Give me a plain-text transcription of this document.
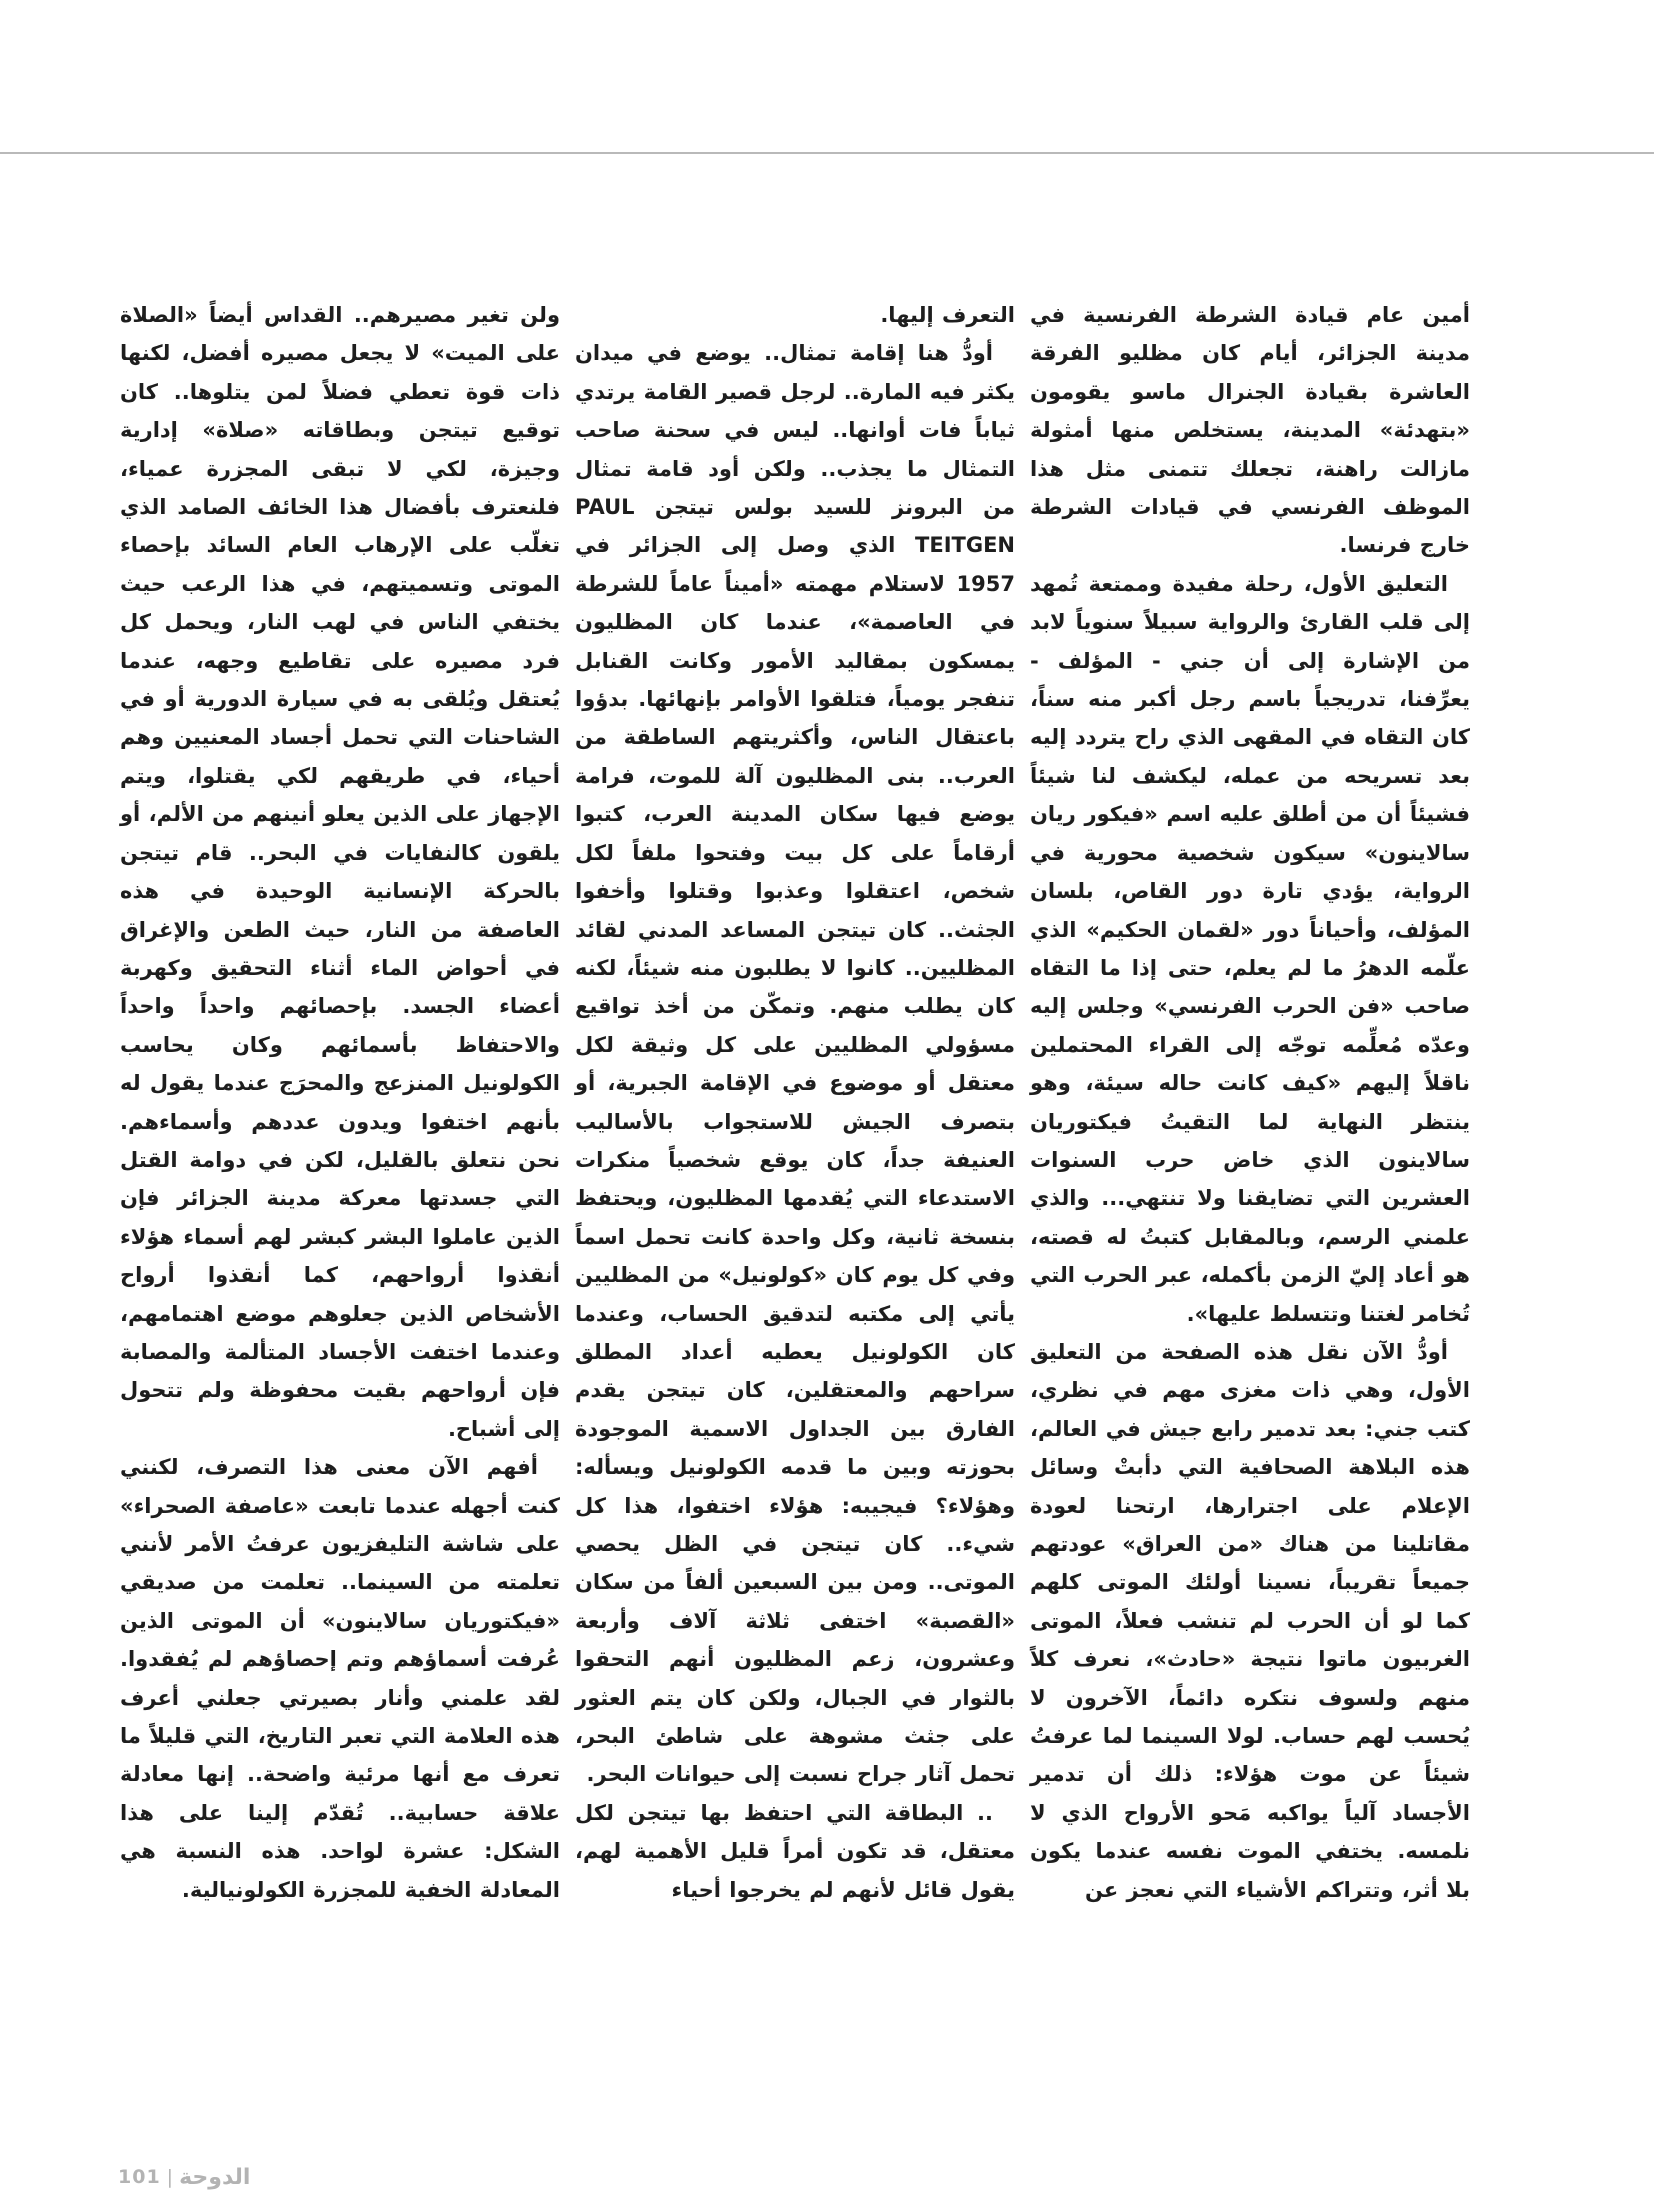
أمين عام قيادة الشرطة الفرنسية في مدينة الجزائر، أيام كان مظليو الفرقة العاشرة بقيادة الجنرال ماسو يقومون «بتهدئة» المدينة، يستخلص منها أمثولة مازالت راهنة، تجعلك تتمنى مثل هذا الموظف الفرنسي في قيادات الشرطة خارج فرنسا.

التعليق الأول، رحلة مفيدة وممتعة تُمهد إلى قلب القارئ والرواية سبيلاً سنوياً لابد من الإشارة إلى أن جني - المؤلف - يعرِّفنا، تدريجياً باسم رجل أكبر منه سناً، كان التقاه في المقهى الذي راح يتردد إليه بعد تسريحه من عمله، ليكشف لنا شيئاً فشيئاً أن من أطلق عليه اسم «فيكور ريان سالاينون» سيكون شخصية محورية في الرواية، يؤدي تارة دور القاص، بلسان المؤلف، وأحياناً دور «لقمان الحكيم» الذي علّمه الدهرُ ما لم يعلم، حتى إذا ما التقاه صاحب «فن الحرب الفرنسي» وجلس إليه وعدّه مُعلِّمه توجّه إلى القراء المحتملين ناقلاً إليهم «كيف كانت حاله سيئة، وهو ينتظر النهاية لما التقيتُ فيكتوريان سالاينون الذي خاض حرب السنوات العشرين التي تضايقنا ولا تنتهي... والذي علمني الرسم، وبالمقابل كتبتُ له قصته، هو أعاد إليّ الزمن بأكمله، عبر الحرب التي تُخامر لغتنا وتتسلط عليها».

أودُّ الآن نقل هذه الصفحة من التعليق الأول، وهي ذات مغزى مهم في نظري، كتب جني: بعد تدمير رابع جيش في العالم، هذه البلاهة الصحافية التي دأبتْ وسائل الإعلام على اجترارها، ارتحنا لعودة مقاتلينا من هناك «من العراق» عودتهم جميعاً تقريباً، نسينا أولئك الموتى كلهم كما لو أن الحرب لم تنشب فعلاً، الموتى الغربيون ماتوا نتيجة «حادث»، نعرف كلاً منهم ولسوف نتكره دائماً، الآخرون لا يُحسب لهم حساب. لولا السينما لما عرفتُ شيئاً عن موت هؤلاء: ذلك أن تدمير الأجساد آلياً يواكبه مَحو الأرواح الذي لا نلمسه. يختفي الموت نفسه عندما يكون بلا أثر، وتتراكم الأشياء التي نعجز عن

التعرف إليها.

أودُّ هنا إقامة تمثال.. يوضع في ميدان يكثر فيه المارة.. لرجل قصير القامة يرتدي ثياباً فات أوانها.. ليس في سحنة صاحب التمثال ما يجذب.. ولكن أود قامة تمثال من البرونز للسيد بولس تيتجن PAUL TEITGEN الذي وصل إلى الجزائر في 1957 لاستلام مهمته «أميناً عاماً للشرطة في العاصمة»، عندما كان المظليون يمسكون بمقاليد الأمور وكانت القنابل تنفجر يومياً، فتلقوا الأوامر بإنهائها. بدؤوا باعتقال الناس، وأكثريتهم الساطقة من العرب.. بنى المظليون آلة للموت، فرامة يوضع فيها سكان المدينة العرب، كتبوا أرقاماً على كل بيت وفتحوا ملفاً لكل شخص، اعتقلوا وعذبوا وقتلوا وأخفوا الجثث.. كان تيتجن المساعد المدني لقائد المظليين.. كانوا لا يطلبون منه شيئاً، لكنه كان يطلب منهم. وتمكّن من أخذ تواقيع مسؤولي المظليين على كل وثيقة لكل معتقل أو موضوع في الإقامة الجبرية، أو بتصرف الجيش للاستجواب بالأساليب العنيفة جداً، كان يوقع شخصياً منكرات الاستدعاء التي يُقدمها المظليون، ويحتفظ بنسخة ثانية، وكل واحدة كانت تحمل اسماً وفي كل يوم كان «كولونيل» من المظليين يأتي إلى مكتبه لتدقيق الحساب، وعندما كان الكولونيل يعطيه أعداد المطلق سراحهم والمعتقلين، كان تيتجن يقدم الفارق بين الجداول الاسمية الموجودة بحوزته وبين ما قدمه الكولونيل ويسأله: وهؤلاء؟ فيجيبه: هؤلاء اختفوا، هذا كل شيء.. كان تيتجن في الظل يحصي الموتى.. ومن بين السبعين ألفاً من سكان «القصبة» اختفى ثلاثة آلاف وأربعة وعشرون، زعم المظليون أنهم التحقوا بالثوار في الجبال، ولكن كان يتم العثور على جثث مشوهة على شاطئ البحر، تحمل آثار جراح نسبت إلى حيوانات البحر.

.. البطاقة التي احتفظ بها تيتجن لكل معتقل، قد تكون أمراً قليل الأهمية لهم، يقول قائل لأنهم لم يخرجوا أحياء

ولن تغير مصيرهم.. القداس أيضاً «الصلاة على الميت» لا يجعل مصيره أفضل، لكنها ذات قوة تعطي فضلاً لمن يتلوها.. كان توقيع تيتجن وبطاقاته «صلاة» إدارية وجيزة، لكي لا تبقى المجزرة عمياء، فلنعترف بأفضال هذا الخائف الصامد الذي تغلّب على الإرهاب العام السائد بإحصاء الموتى وتسميتهم، في هذا الرعب حيث يختفي الناس في لهب النار، ويحمل كل فرد مصيره على تقاطيع وجهه، عندما يُعتقل ويُلقى به في سيارة الدورية أو في الشاحنات التي تحمل أجساد المعنيين وهم أحياء، في طريقهم لكي يقتلوا، ويتم الإجهاز على الذين يعلو أنينهم من الألم، أو يلقون كالنفايات في البحر.. قام تيتجن بالحركة الإنسانية الوحيدة في هذه العاصفة من النار، حيث الطعن والإغراق في أحواض الماء أثناء التحقيق وكهربة أعضاء الجسد. بإحصائهم واحداً واحداً والاحتفاظ بأسمائهم وكان يحاسب الكولونيل المنزعج والمحرَج عندما يقول له بأنهم اختفوا ويدون عددهم وأسماءهم. نحن نتعلق بالقليل، لكن في دوامة القتل التي جسدتها معركة مدينة الجزائر فإن الذين عاملوا البشر كبشر لهم أسماء هؤلاء أنقذوا أرواحهم، كما أنقذوا أرواح الأشخاص الذين جعلوهم موضع اهتمامهم، وعندما اختفت الأجساد المتألمة والمصابة فإن أرواحهم بقيت محفوظة ولم تتحول إلى أشباح.

أفهم الآن معنى هذا التصرف، لكنني كنت أجهله عندما تابعت «عاصفة الصحراء» على شاشة التليفزيون عرفتُ الأمر لأنني تعلمته من السينما.. تعلمت من صديقي «فيكتوريان سالاينون» أن الموتى الذين عُرفت أسماؤهم وتم إحصاؤهم لم يُفقدوا. لقد علمني وأنار بصيرتي جعلني أعرف هذه العلامة التي تعبر التاريخ، التي قليلاً ما تعرف مع أنها مرئية واضحة.. إنها معادلة علاقة حسابية.. تُقدّم إلينا على هذا الشكل: عشرة لواحد. هذه النسبة هي المعادلة الخفية للمجزرة الكولونيالية.

101 | الدوحة
